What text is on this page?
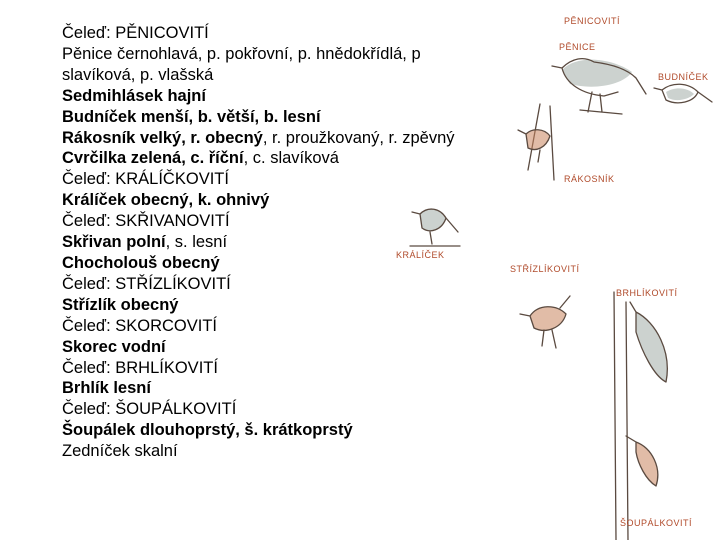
Čeleď: PĚNICOVITÍ
Pěnice černohlavá, p. pokřovní, p. hnědokřídlá, p
slavíková, p. vlašská
Sedmihlásek hajní
Budníček menší, b. větší, b. lesní
Rákosník velký, r. obecný, r. proužkovaný, r. zpěvný
Cvrčilka zelená, c. říční, c. slavíková
Čeleď: KRÁLÍČKOVITÍ
Králíček obecný, k. ohnivý
Čeleď: SKŘIVANOVITÍ
Skřivan polní, s. lesní
Chocholouš obecný
Čeleď: STŘÍZLÍKOVITÍ
Střízlík obecný
Čeleď: SKORCOVITÍ
Skorec vodní
Čeleď: BRHLÍKOVITÍ
Brhlík lesní
Čeleď: ŠOUPÁLKOVITÍ
Šoupálek dlouhoprstý, š. krátkoprstý
Zedníček skalní
PĚNICOVITÍ
PĚNICE
BUDNÍČEK
RÁKOSNÍK
KRÁLÍČEK
STŘÍZLÍKOVITÍ
BRHLÍKOVITÍ
ŠOUPÁLKOVITÍ
